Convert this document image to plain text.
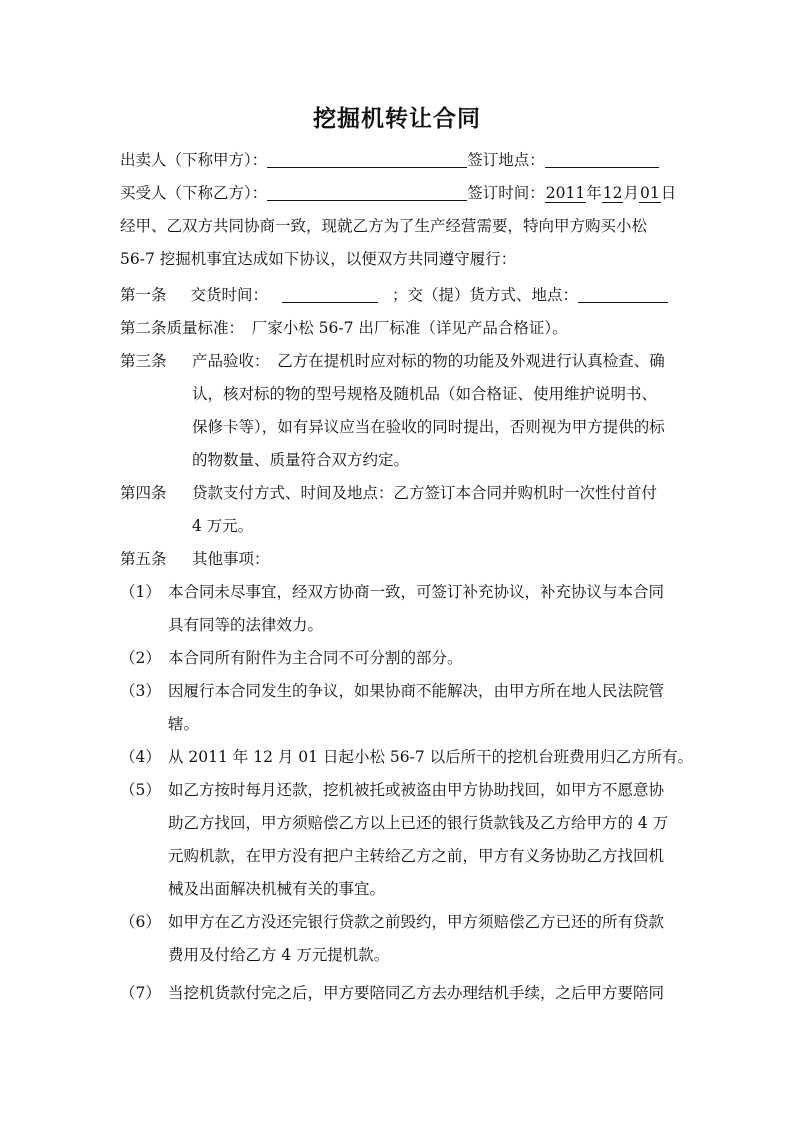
挖掘机转让合同
出卖人（下称甲方）：	签订地点：
买受人（下称乙方）：	签订时间：2011年12月01日
经甲、乙双方共同协商一致，现就乙方为了生产经营需要，特向甲方购买小松
56-7 挖掘机事宜达成如下协议，以便双方共同遵守履行：
第一条 交货时间：	；交（提）货方式、地点：
第二条质量标准：　厂家小松 56-7 出厂标准（详见产品合格证）。
第三条 产品验收：　乙方在提机时应对标的物的功能及外观进行认真检查、确
认，核对标的物的型号规格及随机品（如合格证、使用维护说明书、
保修卡等），如有异议应当在验收的同时提出，否则视为甲方提供的标
的物数量、质量符合双方约定。
第四条 贷款支付方式、时间及地点：乙方签订本合同并购机时一次性付首付
4 万元。
第五条 其他事项：
（1） 本合同未尽事宜，经双方协商一致，可签订补充协议，补充协议与本合同
具有同等的法律效力。
（2） 本合同所有附件为主合同不可分割的部分。
（3） 因履行本合同发生的争议，如果协商不能解决，由甲方所在地人民法院管
辖。
（4） 从 2011 年 12 月 01 日起小松 56-7 以后所干的挖机台班费用归乙方所有。
（5） 如乙方按时每月还款，挖机被托或被盗由甲方协助找回，如甲方不愿意协
助乙方找回，甲方须赔偿乙方以上已还的银行货款钱及乙方给甲方的 4 万
元购机款，在甲方没有把户主转给乙方之前，甲方有义务协助乙方找回机
械及出面解决机械有关的事宜。
（6） 如甲方在乙方没还完银行贷款之前毁约，甲方须赔偿乙方已还的所有贷款
费用及付给乙方 4 万元提机款。
（7） 当挖机货款付完之后，甲方要陪同乙方去办理结机手续，之后甲方要陪同
